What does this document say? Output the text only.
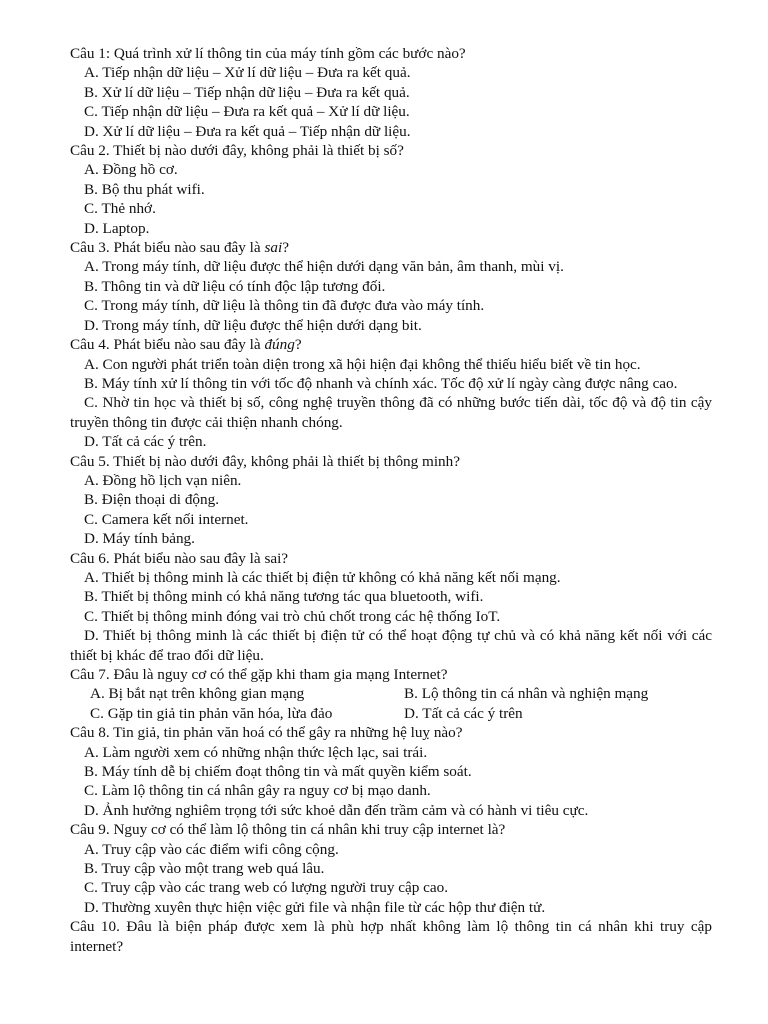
Câu 1: Quá trình xử lí thông tin của máy tính gồm các bước nào?

A. Tiếp nhận dữ liệu – Xử lí dữ liệu – Đưa ra kết quả.

B. Xử lí dữ liệu – Tiếp nhận dữ liệu – Đưa ra kết quả.

C. Tiếp nhận dữ liệu – Đưa ra kết quả – Xử lí dữ liệu.

D. Xử lí dữ liệu – Đưa ra kết quả – Tiếp nhận dữ liệu.

Câu 2. Thiết bị nào dưới đây, không phải là thiết bị số?

A. Đồng hồ cơ.

B. Bộ thu phát wifi.

C. Thẻ nhớ.

D. Laptop.

Câu 3. Phát biểu nào sau đây là sai?

A. Trong máy tính, dữ liệu được thể hiện dưới dạng văn bản, âm thanh, mùi vị.

B. Thông tin và dữ liệu có tính độc lập tương đối.

C. Trong máy tính, dữ liệu là thông tin đã được đưa vào máy tính.

D. Trong máy tính, dữ liệu được thể hiện dưới dạng bit.

Câu 4. Phát biểu nào sau đây là đúng?

A. Con người phát triển toàn diện trong xã hội hiện đại không thể thiếu hiểu biết về tin học.

B. Máy tính xử lí thông tin với tốc độ nhanh và chính xác. Tốc độ xử lí ngày càng được nâng cao.

C. Nhờ tin học và thiết bị số, công nghệ truyền thông đã có những bước tiến dài, tốc độ và độ tin cậy truyền thông tin được cải thiện nhanh chóng.

D. Tất cả các ý trên.

Câu 5. Thiết bị nào dưới đây, không phải là thiết bị thông minh?

A. Đồng hồ lịch vạn niên.

B. Điện thoại di động.

C. Camera kết nối internet.

D. Máy tính bảng.

Câu 6. Phát biểu nào sau đây là sai?

A. Thiết bị thông minh là các thiết bị điện tử không có khả năng kết nối mạng.

B. Thiết bị thông minh có khả năng tương tác qua bluetooth, wifi.

C. Thiết bị thông minh đóng vai trò chủ chốt trong các hệ thống IoT.

D. Thiết bị thông minh là các thiết bị điện tử có thể hoạt động tự chủ và có khả năng kết nối với các thiết bị khác để trao đổi dữ liệu.

Câu 7. Đâu là nguy cơ có thể gặp khi tham gia mạng Internet?

A. Bị bắt nạt trên không gian mạng	B. Lộ thông tin cá nhân và nghiện mạng
C. Gặp tin giả tin phản văn hóa, lừa đảo	D. Tất cả các ý trên

Câu 8. Tin giả, tin phản văn hoá có thể gây ra những hệ luỵ nào?

A. Làm người xem có những nhận thức lệch lạc, sai trái.

B. Máy tính dễ bị chiếm đoạt thông tin và mất quyền kiểm soát.

C. Làm lộ thông tin cá nhân gây ra nguy cơ bị mạo danh.

D. Ảnh hưởng nghiêm trọng tới sức khoẻ dẫn đến trầm cảm và có hành vi tiêu cực.

Câu 9. Nguy cơ có thể làm lộ thông tin cá nhân khi truy cập internet là?

A. Truy cập vào các điểm wifi công cộng.

B. Truy cập vào một trang web quá lâu.

C. Truy cập vào các trang web có lượng người truy cập cao.

D. Thường xuyên thực hiện việc gửi file và nhận file từ các hộp thư điện tử.

Câu 10. Đâu là biện pháp được xem là phù hợp nhất không làm lộ thông tin cá nhân khi truy cập internet?
